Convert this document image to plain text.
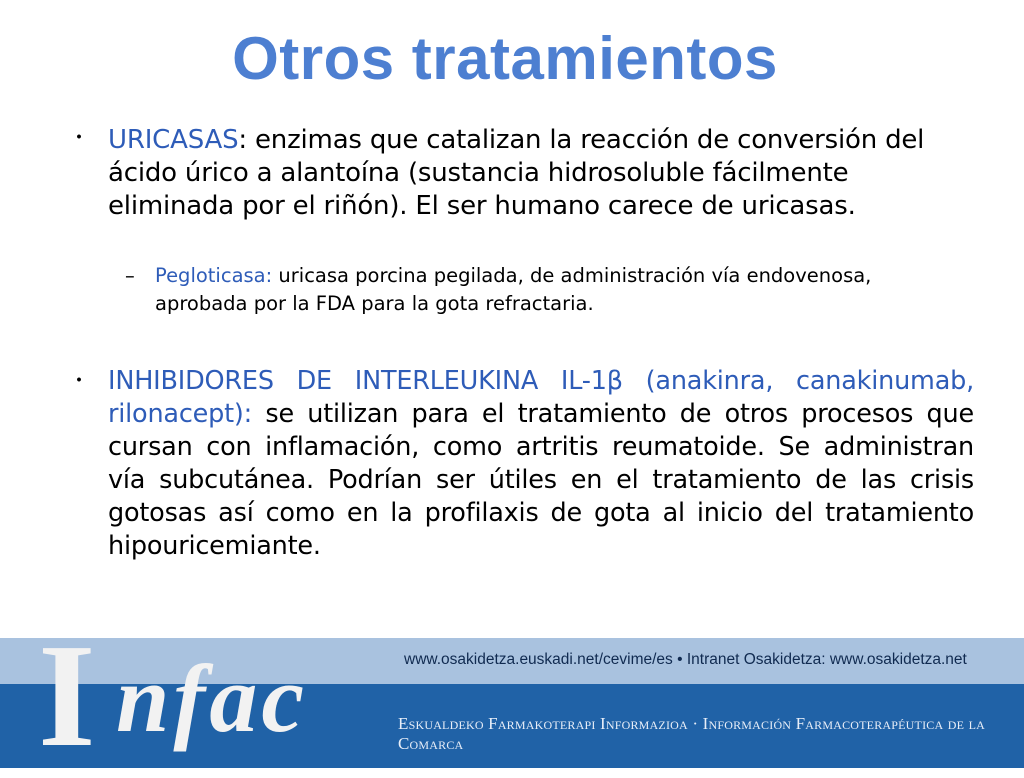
Otros tratamientos
・ URICASAS: enzimas que catalizan la reacción de conversión del ácido úrico a alantoína (sustancia hidrosoluble fácilmente eliminada por el riñón). El ser humano carece de uricasas.
– Pegloticasa: uricasa porcina pegilada, de administración vía endovenosa, aprobada por la FDA para la gota refractaria.
・ INHIBIDORES DE INTERLEUKINA IL-1β (anakinra, canakinumab, rilonacept): se utilizan para el tratamiento de otros procesos que cursan con inflamación, como artritis reumatoide. Se administran vía subcutánea. Podrían ser útiles en el tratamiento de las crisis gotosas así como en la profilaxis de gota al inicio del tratamiento hipouricemiante.
I nfac	www.osakidetza.euskadi.net/cevime/es • Intranet Osakidetza: www.osakidetza.net
Eskualdeko Farmakoterapi Informazioa · Información Farmacoterapéutica de la Comarca
